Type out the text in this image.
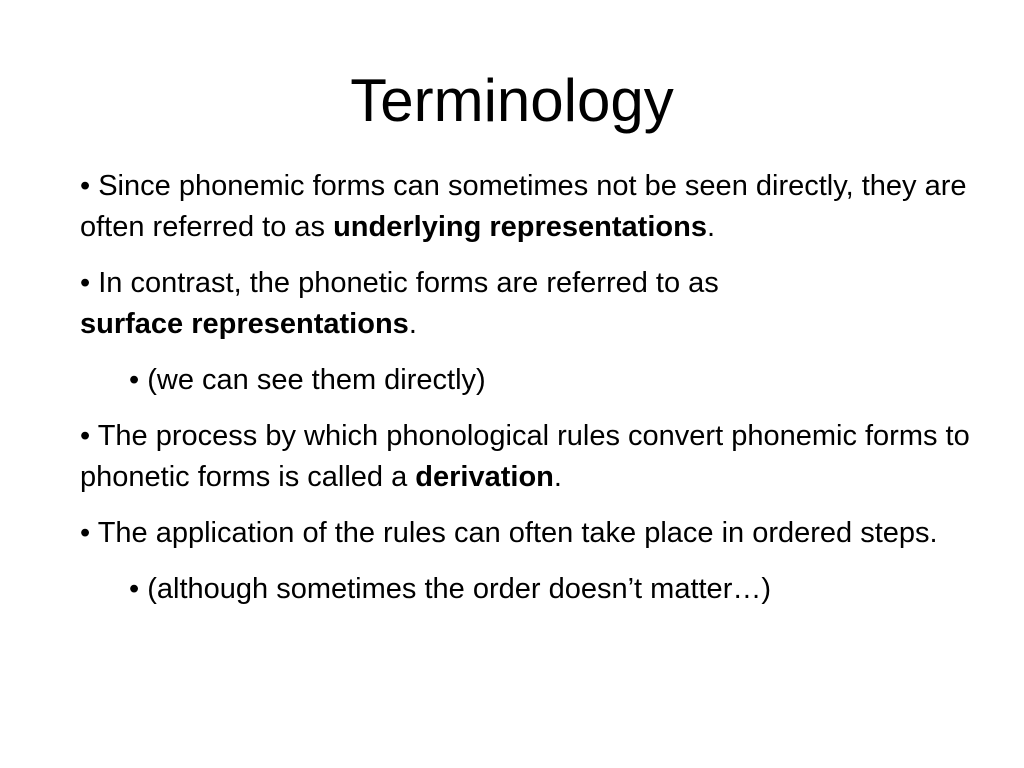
Terminology

• Since phonemic forms can sometimes not be seen directly, they are often referred to as underlying representations.

• In contrast, the phonetic forms are referred to as
surface representations.

• (we can see them directly)

• The process by which phonological rules convert phonemic forms to phonetic forms is called a derivation.

• The application of the rules can often take place in ordered steps.

• (although sometimes the order doesn’t matter…)
